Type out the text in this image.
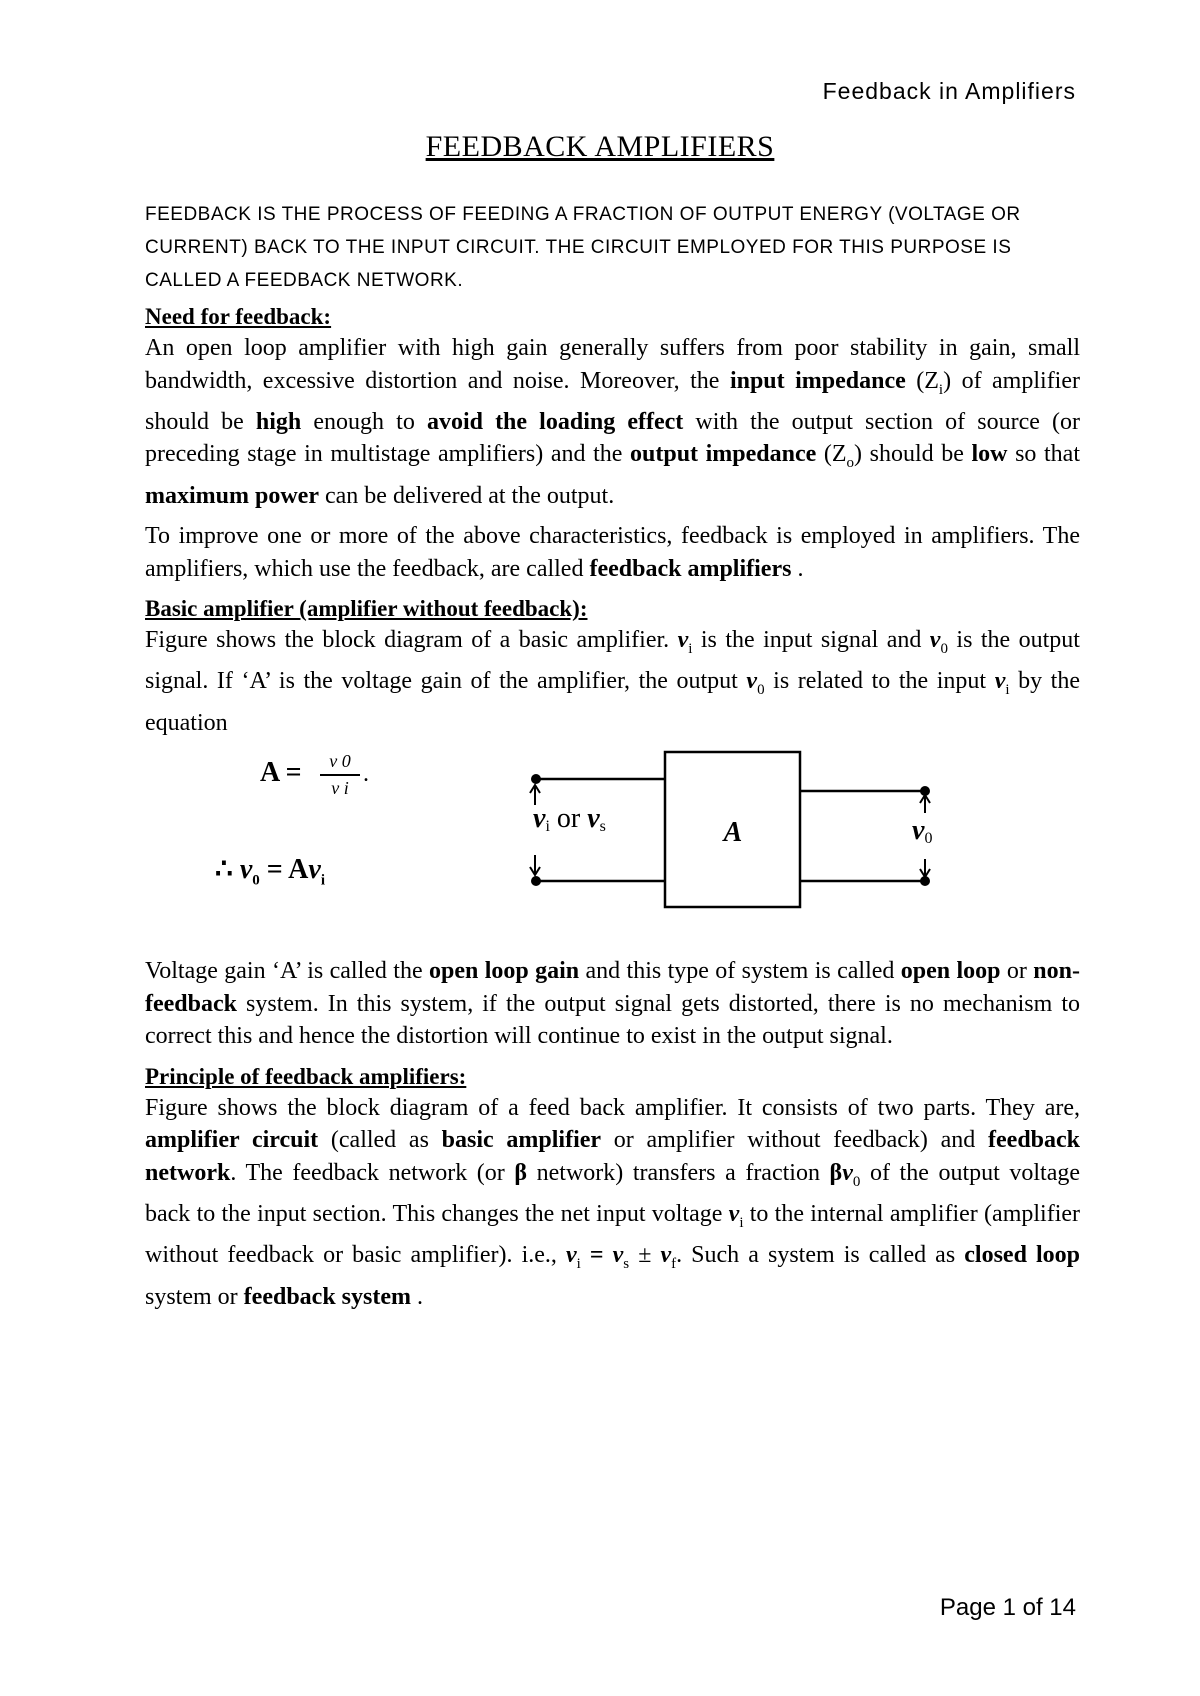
Feedback in Amplifiers
FEEDBACK AMPLIFIERS

FEEDBACK IS THE PROCESS OF FEEDING A FRACTION OF OUTPUT ENERGY (VOLTAGE OR CURRENT) BACK TO THE INPUT CIRCUIT. THE CIRCUIT EMPLOYED FOR THIS PURPOSE IS CALLED A FEEDBACK NETWORK.

Need for feedback:

An open loop amplifier with high gain generally suffers from poor stability in gain, small bandwidth, excessive distortion and noise. Moreover, the input impedance $(Z_i)$ of amplifier should be high enough to avoid the loading effect with the output section of source (or preceding stage in multistage amplifiers) and the output impedance $(Z_o)$ should be low so that maximum power can be delivered at the output.

To improve one or more of the above characteristics, feedback is employed in amplifiers. The amplifiers, which use the feedback, are called feedback amplifiers .

Basic amplifier (amplifier without feedback):

Figure shows the block diagram of a basic amplifier. $v_i$ is the input signal and $v_0$ is the output signal. If ‘A’ is the voltage gain of the amplifier, the output $v_0$ is related to the input $v_i$ by the equation

A =	v 0
v i
.
∴ $v_0 = Av_i$
A
vi or vs	v0

Voltage gain ‘A’ is called the open loop gain and this type of system is called open loop or non-feedback system. In this system, if the output signal gets distorted, there is no mechanism to correct this and hence the distortion will continue to exist in the output signal.

Principle of feedback amplifiers:

Figure shows the block diagram of a feed back amplifier. It consists of two parts. They are, amplifier circuit (called as basic amplifier or amplifier without feedback) and feedback network. The feedback network (or β network) transfers a fraction $\beta v_0$ of the output voltage back to the input section. This changes the net input voltage $v_i$ to the internal amplifier (amplifier without feedback or basic amplifier). i.e., $v_i = v_s \pm v_f$. Such a system is called as closed loop system or feedback system .

Page 1 of 14
